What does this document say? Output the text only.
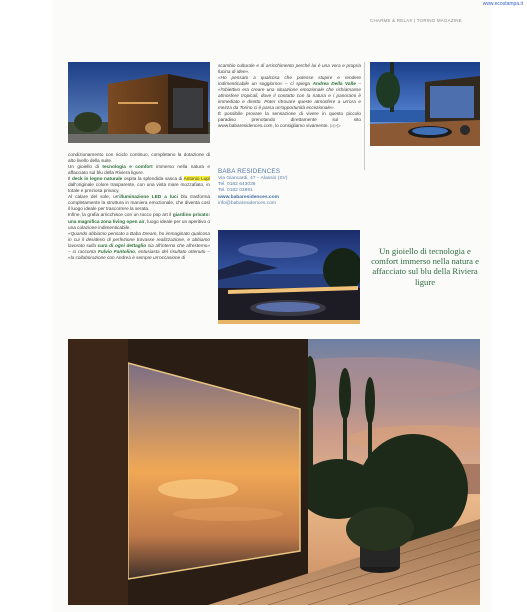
www.ecostampa.it
CHARME & RELAX | TORINO MAGAZINE

condizionamento con riciclo continuo, completano la dotazione di alto livello della suite.

Un gioiello di tecnologia e comfort immerso nella natura e affacciato sul blu della Riviera ligure.

Il deck in legno naturale ospita la splendida vasca di Antonio Lupi dall'originale colore trasparente, con una vista mare mozzafiato, in totale e preziosa privacy.

Al calare del sole, un'illuminazione LED a luci blu trasforma completamente la struttura in maniera emozionale, che diventa così il luogo ideale per trascorrere la serata.

Infine, la grafia arricchisce con un tocco pop art il giardino privato: una magnifica zona living open air, luogo ideale per un aperitivo o una colazione indimenticabile.

«Quando abbiamo pensato a Baba Dream, ho immaginato qualcosa in cui il desiderio di perfezione trovasse realizzazione, e abbiamo lavorato sulla cura di ogni dettaglio sia all'interno che all'esterno» – ci racconta Fulvio Fantolino, entusiasta del risultato ottenuto – «la collaborazione con Andrea è sempre un'occasione di

scambio culturale e di arricchimento perché lui è una vera e propria fucina di idee».

«Ho pensato a qualcosa che potesse stupire e rendere indimenticabile un soggiorno» – ci spiega Andrea Della Valle – «l'obiettivo era creare una situazione emozionale che richiamasse atmosfere tropicali, dove il contatto con la natura e i panorami è immediato e diretto. Poter ritrovare queste atmosfere a un'ora e mezza da Torino ci è parsa un'opportunità eccezionale».

È possibile provare la sensazione di vivere in questo piccolo paradiso prenotando direttamente sul sito www.babaresidences.com, lo consigliamo vivamente. ▷▷▷

BABA RESIDENCES
Via Giancardi, 47 – Alassio (SV)
Tel. 0182 643036
Tel. 0182 03891
www.babaresidences.com
info@babaresidences.com
Un gioiello di tecnologia e comfort immerso nella natura e affacciato sul blu della Riviera ligure
